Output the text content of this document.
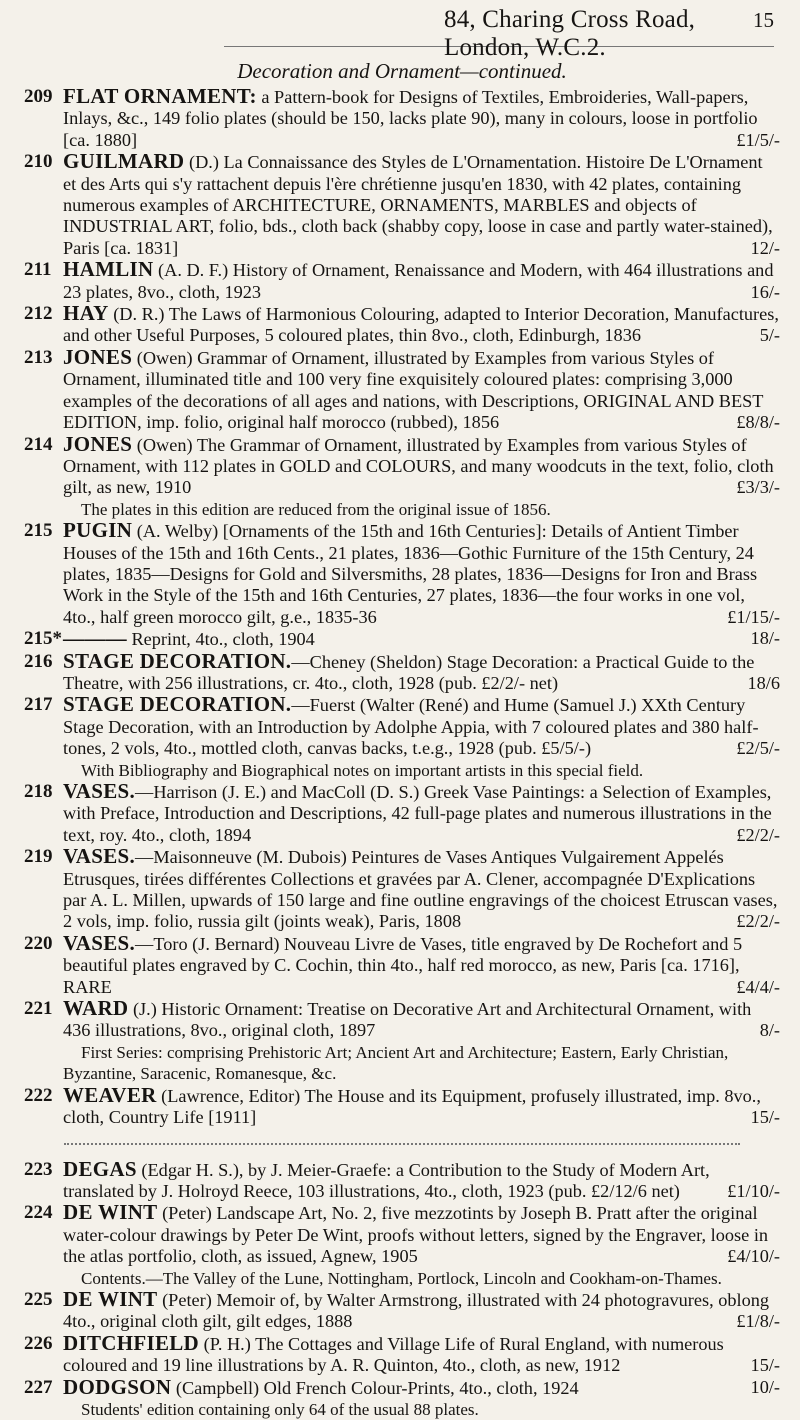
84, Charing Cross Road, London, W.C.2.
15
Decoration and Ornament—continued.

209 FLAT ORNAMENT: a Pattern-book for Designs of Textiles, Embroideries, Wall-papers, Inlays, &c., 149 folio plates (should be 150, lacks plate 90), many in colours, loose in portfolio [ca. 1880]	£1/5/-

210 GUILMARD (D.) La Connaissance des Styles de L'Ornamentation. Histoire De L'Ornament et des Arts qui s'y rattachent depuis l'ère chrétienne jusqu'en 1830, with 42 plates, containing numerous examples of ARCHITECTURE, ORNAMENTS, MARBLES and objects of INDUSTRIAL ART, folio, bds., cloth back (shabby copy, loose in case and partly water-stained), Paris [ca. 1831]	12/-

211 HAMLIN (A. D. F.) History of Ornament, Renaissance and Modern, with 464 illustrations and 23 plates, 8vo., cloth, 1923	16/-

212 HAY (D. R.) The Laws of Harmonious Colouring, adapted to Interior Decoration, Manufactures, and other Useful Purposes, 5 coloured plates, thin 8vo., cloth, Edinburgh, 1836	5/-

213 JONES (Owen) Grammar of Ornament, illustrated by Examples from various Styles of Ornament, illuminated title and 100 very fine exquisitely coloured plates: comprising 3,000 examples of the decorations of all ages and nations, with Descriptions, ORIGINAL AND BEST EDITION, imp. folio, original half morocco (rubbed), 1856	£8/8/-

214 JONES (Owen) The Grammar of Ornament, illustrated by Examples from various Styles of Ornament, with 112 plates in GOLD and COLOURS, and many woodcuts in the text, folio, cloth gilt, as new, 1910	£3/3/-
The plates in this edition are reduced from the original issue of 1856.

215 PUGIN (A. Welby) [Ornaments of the 15th and 16th Centuries]: Details of Antient Timber Houses of the 15th and 16th Cents., 21 plates, 1836—Gothic Furniture of the 15th Century, 24 plates, 1835—Designs for Gold and Silversmiths, 28 plates, 1836—Designs for Iron and Brass Work in the Style of the 15th and 16th Centuries, 27 plates, 1836—the four works in one vol, 4to., half green morocco gilt, g.e., 1835-36	£1/15/-

215* ——— Reprint, 4to., cloth, 1904	18/-

216 STAGE DECORATION.—Cheney (Sheldon) Stage Decoration: a Practical Guide to the Theatre, with 256 illustrations, cr. 4to., cloth, 1928 (pub. £2/2/- net)	18/6

217 STAGE DECORATION.—Fuerst (Walter (René) and Hume (Samuel J.) XXth Century Stage Decoration, with an Introduction by Adolphe Appia, with 7 coloured plates and 380 half-tones, 2 vols, 4to., mottled cloth, canvas backs, t.e.g., 1928 (pub. £5/5/-)	£2/5/-
With Bibliography and Biographical notes on important artists in this special field.

218 VASES.—Harrison (J. E.) and MacColl (D. S.) Greek Vase Paintings: a Selection of Examples, with Preface, Introduction and Descriptions, 42 full-page plates and numerous illustrations in the text, roy. 4to., cloth, 1894	£2/2/-

219 VASES.—Maisonneuve (M. Dubois) Peintures de Vases Antiques Vulgairement Appelés Etrusques, tirées différentes Collections et gravées par A. Clener, accompagnée D'Explications par A. L. Millen, upwards of 150 large and fine outline engravings of the choicest Etruscan vases, 2 vols, imp. folio, russia gilt (joints weak), Paris, 1808	£2/2/-

220 VASES.—Toro (J. Bernard) Nouveau Livre de Vases, title engraved by De Rochefort and 5 beautiful plates engraved by C. Cochin, thin 4to., half red morocco, as new, Paris [ca. 1716], RARE	£4/4/-

221 WARD (J.) Historic Ornament: Treatise on Decorative Art and Architectural Ornament, with 436 illustrations, 8vo., original cloth, 1897	8/-
First Series: comprising Prehistoric Art; Ancient Art and Architecture; Eastern, Early Christian, Byzantine, Saracenic, Romanesque, &c.

222 WEAVER (Lawrence, Editor) The House and its Equipment, profusely illustrated, imp. 8vo., cloth, Country Life [1911]	15/-

223 DEGAS (Edgar H. S.), by J. Meier-Graefe: a Contribution to the Study of Modern Art, translated by J. Holroyd Reece, 103 illustrations, 4to., cloth, 1923 (pub. £2/12/6 net)	£1/10/-

224 DE WINT (Peter) Landscape Art, No. 2, five mezzotints by Joseph B. Pratt after the original water-colour drawings by Peter De Wint, proofs without letters, signed by the Engraver, loose in the atlas portfolio, cloth, as issued, Agnew, 1905	£4/10/-
Contents.—The Valley of the Lune, Nottingham, Portlock, Lincoln and Cookham-on-Thames.

225 DE WINT (Peter) Memoir of, by Walter Armstrong, illustrated with 24 photogravures, oblong 4to., original cloth gilt, gilt edges, 1888	£1/8/-

226 DITCHFIELD (P. H.) The Cottages and Village Life of Rural England, with numerous coloured and 19 line illustrations by A. R. Quinton, 4to., cloth, as new, 1912	15/-

227 DODGSON (Campbell) Old French Colour-Prints, 4to., cloth, 1924	10/-
Students' edition containing only 64 of the usual 88 plates.
